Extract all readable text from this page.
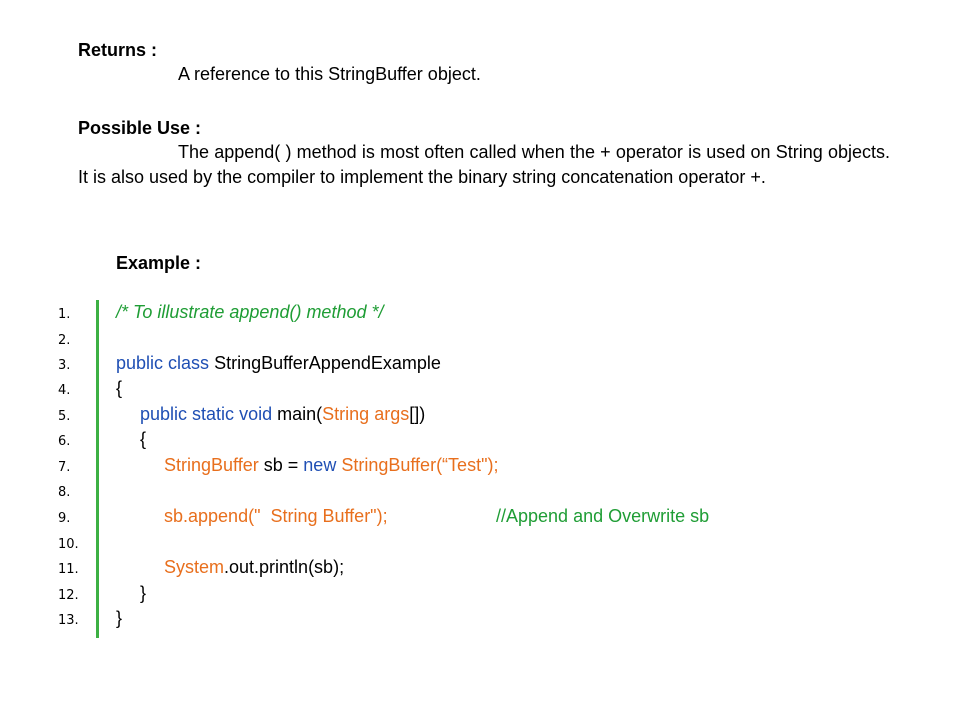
Returns :
A reference to this StringBuffer object.
Possible Use :
The append( ) method is most often called when the + operator is used on String objects. It is also used by the compiler to implement the binary string concatenation operator +.
Example :
1.
2.
3.
4.
5.
6.
7.
8.
9.
10.
11.
12.
13.
/* To illustrate append() method */
public class StringBufferAppendExample
{
public static void main(String args[])
{
StringBuffer sb = new StringBuffer(“Test");
sb.append("  String Buffer");	//Append and Overwrite sb
System.out.println(sb);
}
}
